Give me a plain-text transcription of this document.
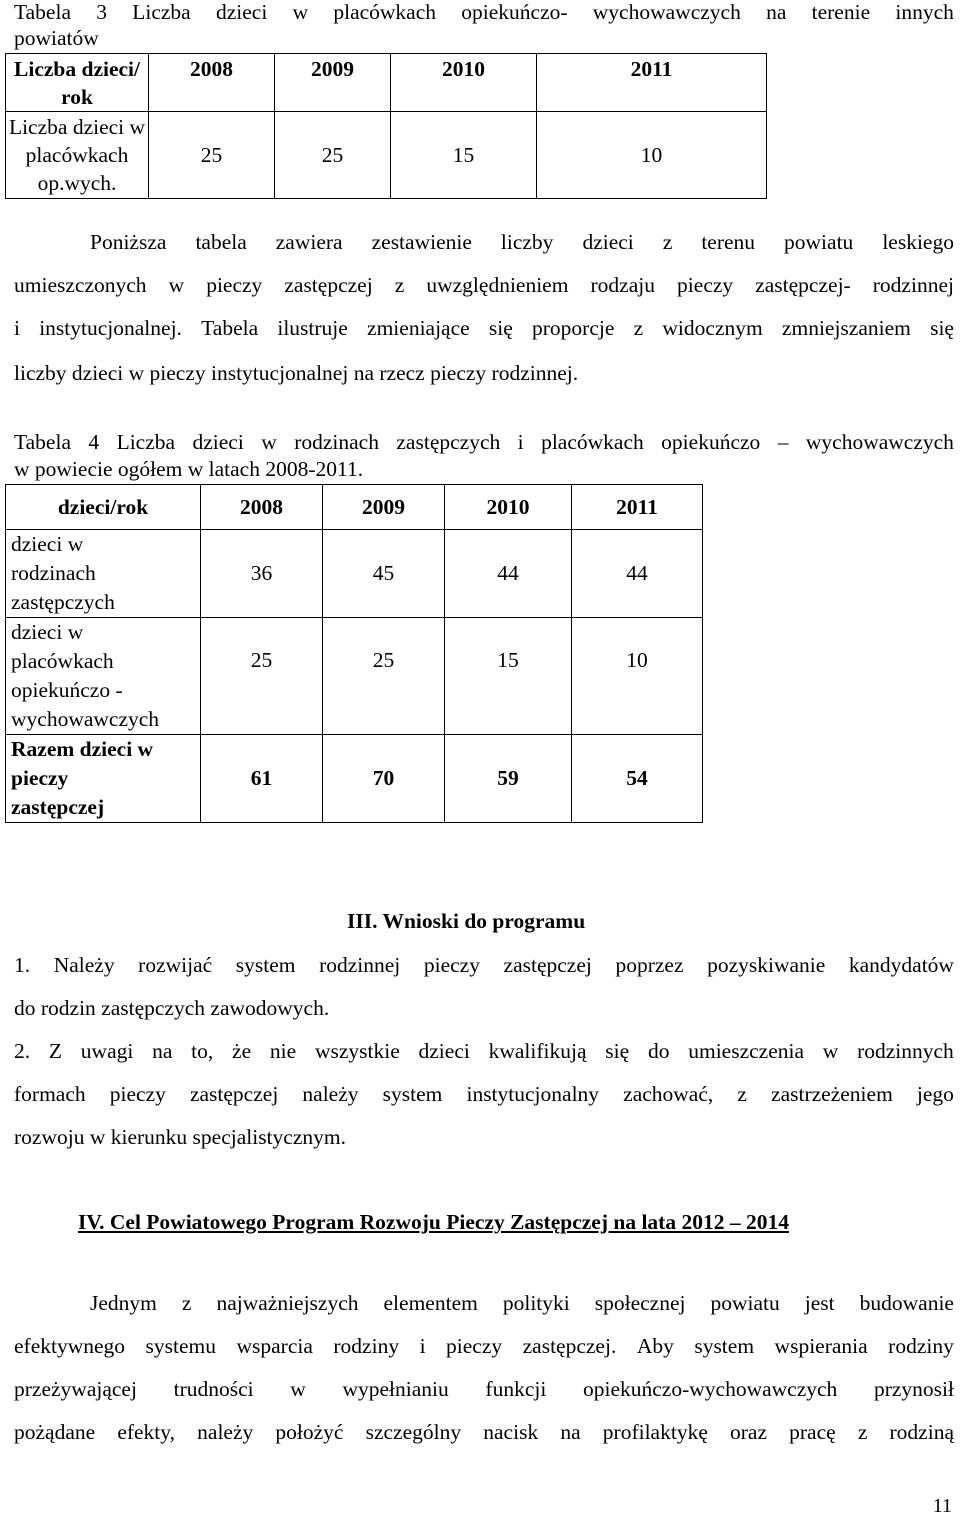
Tabela 3 Liczba dzieci w placówkach opiekuńczo- wychowawczych na terenie innych
powiatów
Liczba dzieci/ rok	2008	2009	2010	2011
Liczba dzieci w placówkach op.wych.	25	25	15	10
Poniższa tabela zawiera zestawienie liczby dzieci z terenu powiatu leskiego
umieszczonych w pieczy zastępczej z uwzględnieniem rodzaju pieczy zastępczej- rodzinnej
i instytucjonalnej. Tabela ilustruje zmieniające się proporcje z widocznym zmniejszaniem się
liczby dzieci w pieczy instytucjonalnej na rzecz pieczy rodzinnej.
Tabela 4 Liczba dzieci w rodzinach zastępczych i placówkach opiekuńczo – wychowawczych
w powiecie ogółem w latach 2008-2011.
dzieci/rok	2008	2009	2010	2011

dzieci w
rodzinach
zastępczych	36	45	44	44

dzieci w
placówkach
opiekuńczo -
wychowawczych	25	25	15	10

Razem dzieci w
pieczy
zastępczej	61	70	59	54
III. Wnioski do programu
1. Należy rozwijać system rodzinnej pieczy zastępczej poprzez pozyskiwanie kandydatów
do rodzin zastępczych zawodowych.
2. Z uwagi na to, że nie wszystkie dzieci kwalifikują się do umieszczenia w rodzinnych
formach pieczy zastępczej należy system instytucjonalny zachować, z zastrzeżeniem jego
rozwoju w kierunku specjalistycznym.
IV. Cel Powiatowego Program Rozwoju Pieczy Zastępczej na lata 2012 – 2014
Jednym z najważniejszych elementem polityki społecznej powiatu jest budowanie
efektywnego systemu wsparcia rodziny i pieczy zastępczej. Aby system wspierania rodziny
przeżywającej trudności w wypełnianiu funkcji opiekuńczo-wychowawczych przynosił
pożądane efekty, należy położyć szczególny nacisk na profilaktykę oraz pracę z rodziną
11
